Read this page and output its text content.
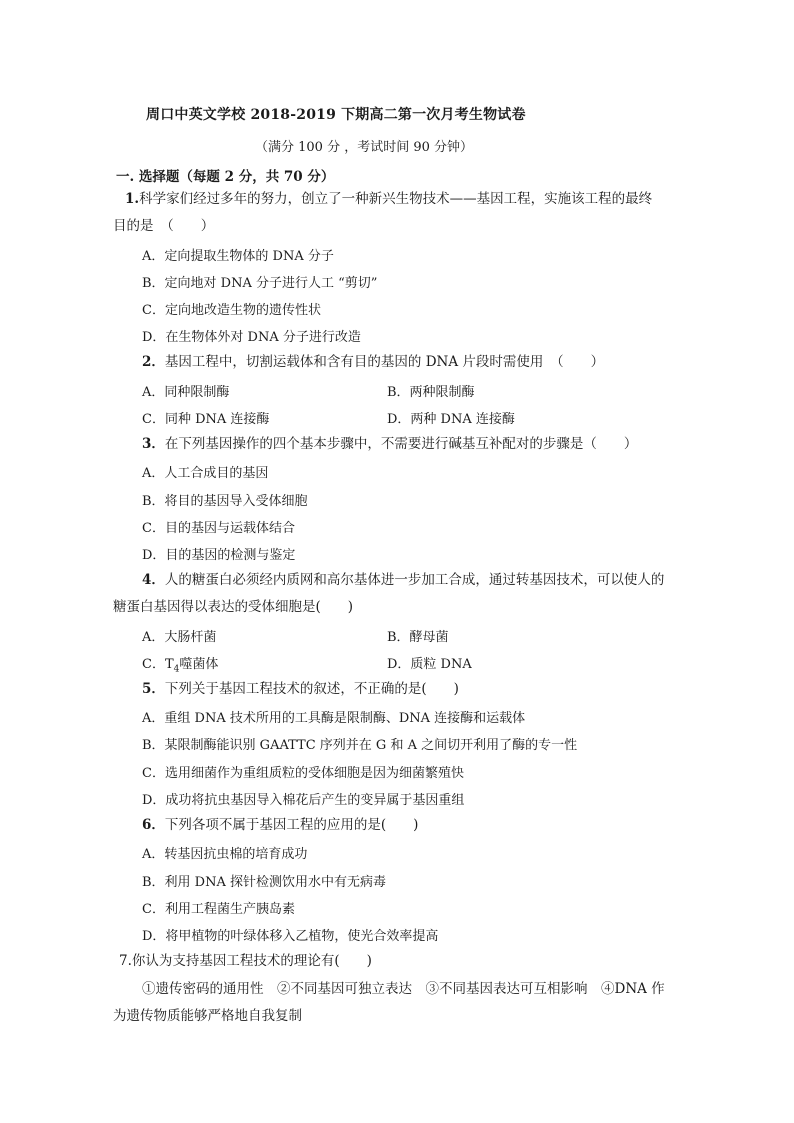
周口中英文学校 2018-2019 下期高二第一次月考生物试卷
（满分 100 分 ，考试时间 90 分钟）
一. 选择题（每题 2 分，共 70 分）
1.科学家们经过多年的努力，创立了一种新兴生物技术——基因工程，实施该工程的最终
目的是　（　　）
A．定向提取生物体的 DNA 分子
B．定向地对 DNA 分子进行人工 “剪切”
C．定向地改造生物的遗传性状
D．在生物体外对 DNA 分子进行改造
2．基因工程中，切割运载体和含有目的基因的 DNA 片段时需使用　（　　）
A．同种限制酶	B．两种限制酶
C．同种 DNA 连接酶	D．两种 DNA 连接酶
3．在下列基因操作的四个基本步骤中，不需要进行碱基互补配对的步骤是（　　）
A．人工合成目的基因
B．将目的基因导入受体细胞
C．目的基因与运载体结合
D．目的基因的检测与鉴定
4．人的糖蛋白必须经内质网和高尔基体进一步加工合成，通过转基因技术，可以使人的
糖蛋白基因得以表达的受体细胞是(　　)
A．大肠杆菌	B．酵母菌
C．$T_4$噬菌体	D．质粒 DNA
5．下列关于基因工程技术的叙述，不正确的是(　　)
A．重组 DNA 技术所用的工具酶是限制酶、DNA 连接酶和运载体
B．某限制酶能识别 GAATTC 序列并在 G 和 A 之间切开利用了酶的专一性
C．选用细菌作为重组质粒的受体细胞是因为细菌繁殖快
D．成功将抗虫基因导入棉花后产生的变异属于基因重组
6．下列各项不属于基因工程的应用的是(　　)
A．转基因抗虫棉的培育成功
B．利用 DNA 探针检测饮用水中有无病毒
C．利用工程菌生产胰岛素
D．将甲植物的叶绿体移入乙植物，使光合效率提高
7.你认为支持基因工程技术的理论有(　　)
①遗传密码的通用性　②不同基因可独立表达　③不同基因表达可互相影响　④DNA 作
为遗传物质能够严格地自我复制
